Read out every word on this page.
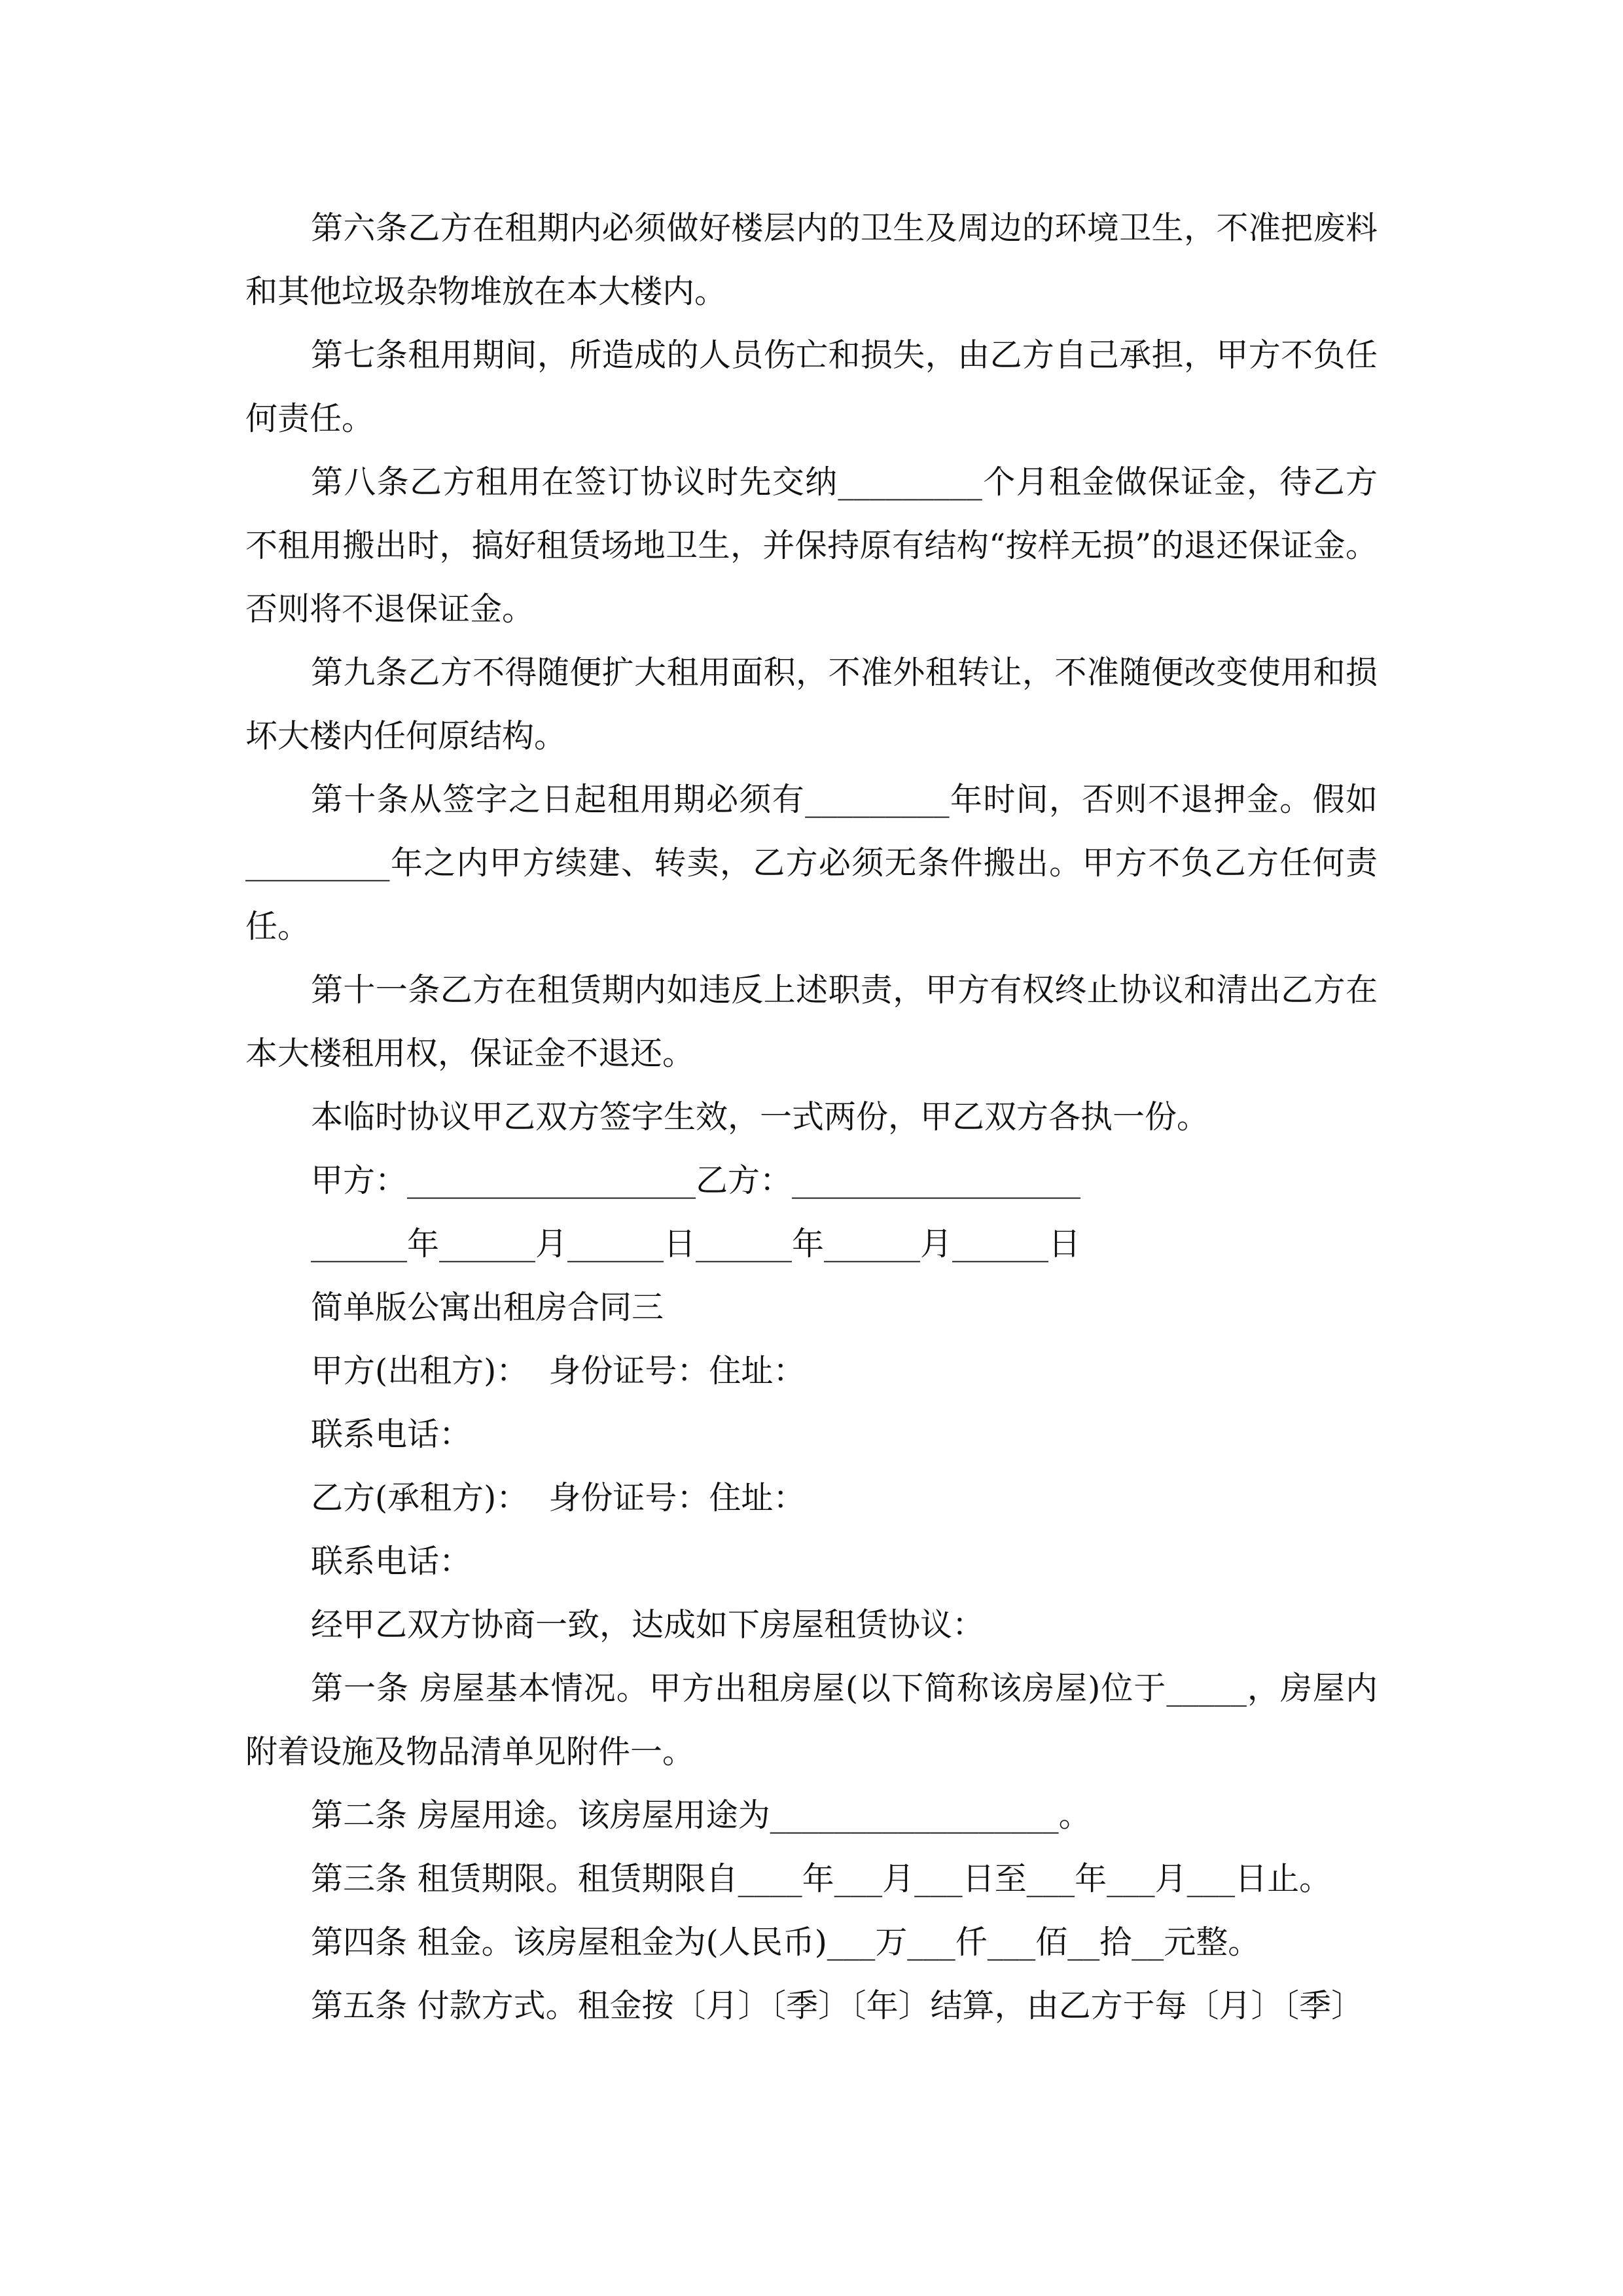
第六条乙方在租期内必须做好楼层内的卫生及周边的环境卫生，不准把废料和其他垃圾杂物堆放在本大楼内。

第七条租用期间，所造成的人员伤亡和损失，由乙方自己承担，甲方不负任何责任。

第八条乙方租用在签订协议时先交纳_________个月租金做保证金，待乙方不租用搬出时，搞好租赁场地卫生，并保持原有结构“按样无损”的退还保证金。否则将不退保证金。

第九条乙方不得随便扩大租用面积，不准外租转让，不准随便改变使用和损坏大楼内任何原结构。

第十条从签字之日起租用期必须有_________年时间，否则不退押金。假如_________年之内甲方续建、转卖，乙方必须无条件搬出。甲方不负乙方任何责任。

第十一条乙方在租赁期内如违反上述职责，甲方有权终止协议和清出乙方在本大楼租用权，保证金不退还。

本临时协议甲乙双方签字生效，一式两份，甲乙双方各执一份。

甲方：__________________乙方：__________________

______年______月______日______年______月______日

简单版公寓出租房合同三

甲方(出租方)：  身份证号：住址：

联系电话：

乙方(承租方)：  身份证号：住址：

联系电话：

经甲乙双方协商一致，达成如下房屋租赁协议：

第一条 房屋基本情况。甲方出租房屋(以下简称该房屋)位于_____，房屋内附着设施及物品清单见附件一。

第二条 房屋用途。该房屋用途为__________________。

第三条 租赁期限。租赁期限自____年___月___日至___年___月___日止。

第四条 租金。该房屋租金为(人民币)___万___仟___佰__拾__元整。

第五条 付款方式。租金按〔月〕〔季〕〔年〕结算，由乙方于每〔月〕〔季〕
